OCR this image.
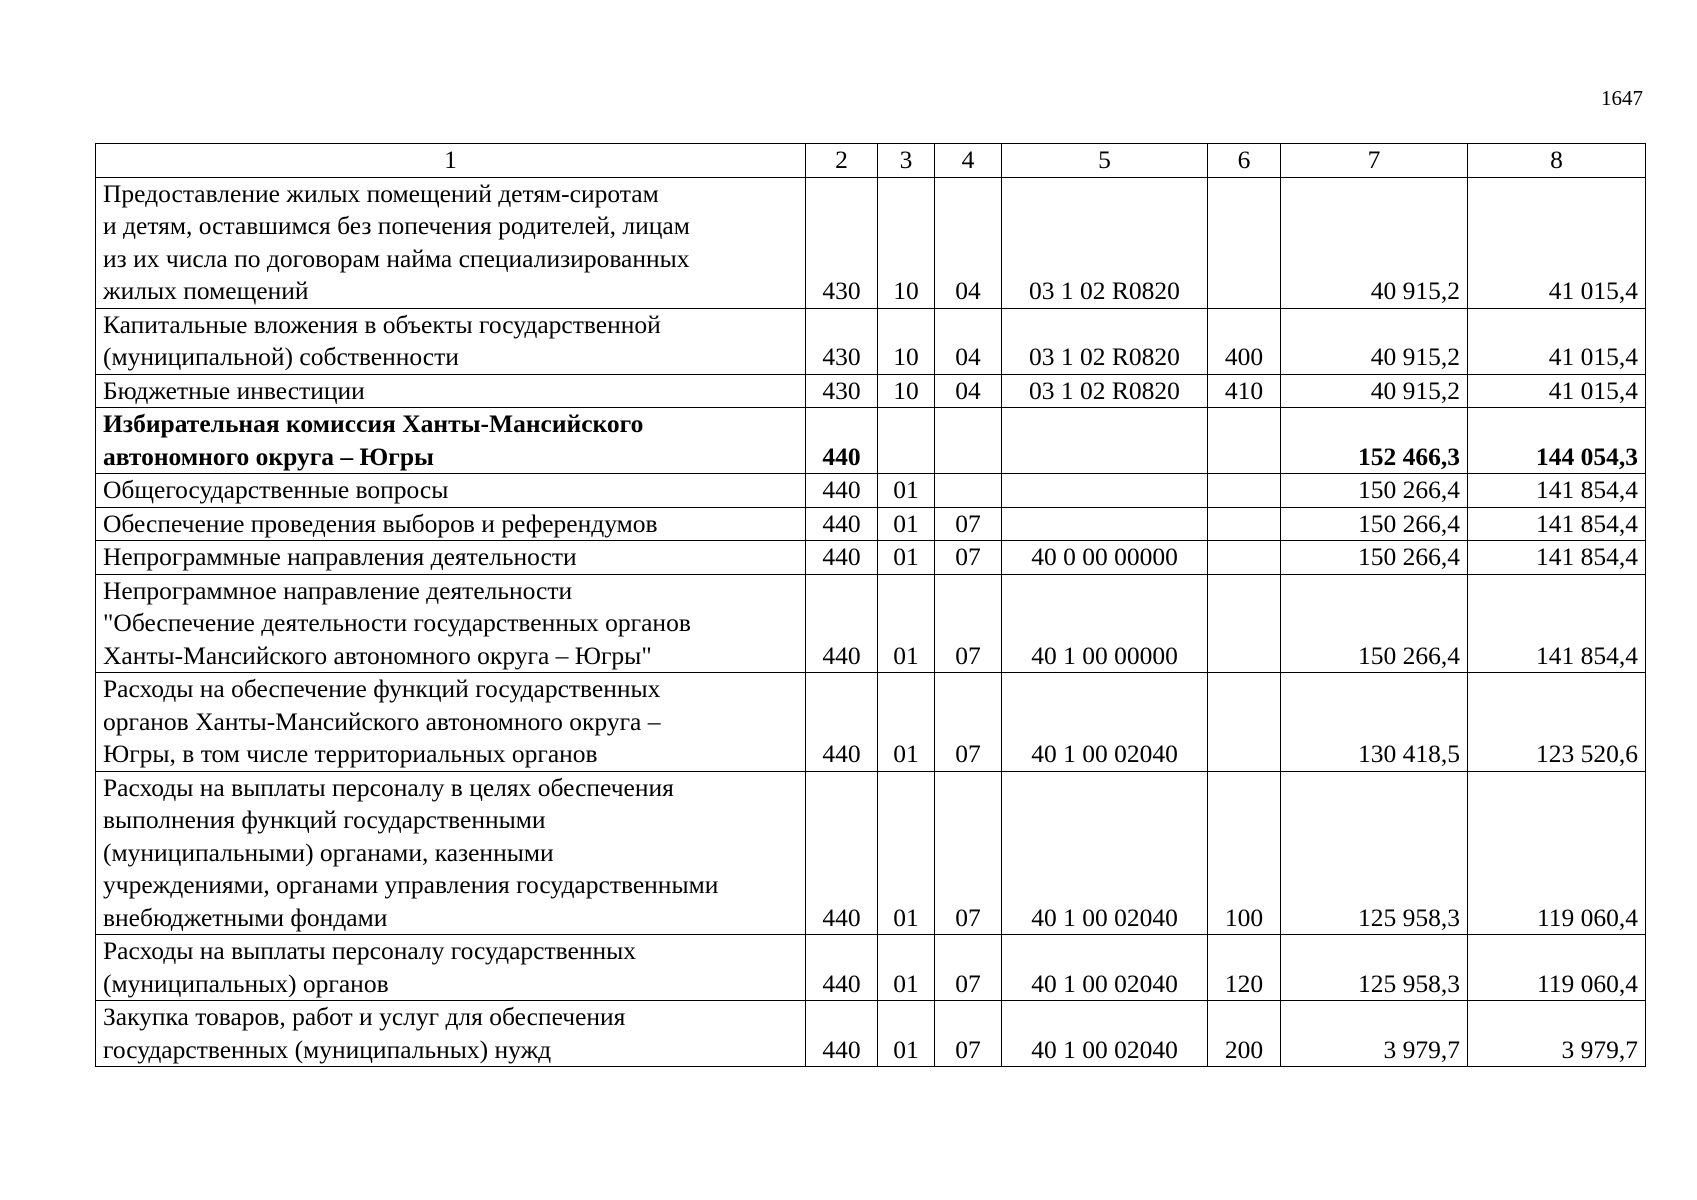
1647
1	2	3	4	5	6	7	8

Предоставление жилых помещений детям-сиротам
и детям, оставшимся без попечения родителей, лицам
из их числа по договорам найма специализированных
жилых помещений	430	10	04	03 1 02 R0820		40 915,2	41 015,4

Капитальные вложения в объекты государственной
(муниципальной) собственности	430	10	04	03 1 02 R0820	400	40 915,2	41 015,4

Бюджетные инвестиции	430	10	04	03 1 02 R0820	410	40 915,2	41 015,4

Избирательная комиссия Ханты-Мансийского
автономного округа – Югры	440					152 466,3	144 054,3

Общегосударственные вопросы	440	01				150 266,4	141 854,4

Обеспечение проведения выборов и референдумов	440	01	07			150 266,4	141 854,4

Непрограммные направления деятельности	440	01	07	40 0 00 00000		150 266,4	141 854,4

Непрограммное направление деятельности
"Обеспечение деятельности государственных органов
Ханты-Мансийского автономного округа – Югры"	440	01	07	40 1 00 00000		150 266,4	141 854,4

Расходы на обеспечение функций государственных
органов Ханты-Мансийского автономного округа –
Югры, в том числе территориальных органов	440	01	07	40 1 00 02040		130 418,5	123 520,6

Расходы на выплаты персоналу в целях обеспечения
выполнения функций государственными
(муниципальными) органами, казенными
учреждениями, органами управления государственными
внебюджетными фондами	440	01	07	40 1 00 02040	100	125 958,3	119 060,4

Расходы на выплаты персоналу государственных
(муниципальных) органов	440	01	07	40 1 00 02040	120	125 958,3	119 060,4

Закупка товаров, работ и услуг для обеспечения
государственных (муниципальных) нужд	440	01	07	40 1 00 02040	200	3 979,7	3 979,7
